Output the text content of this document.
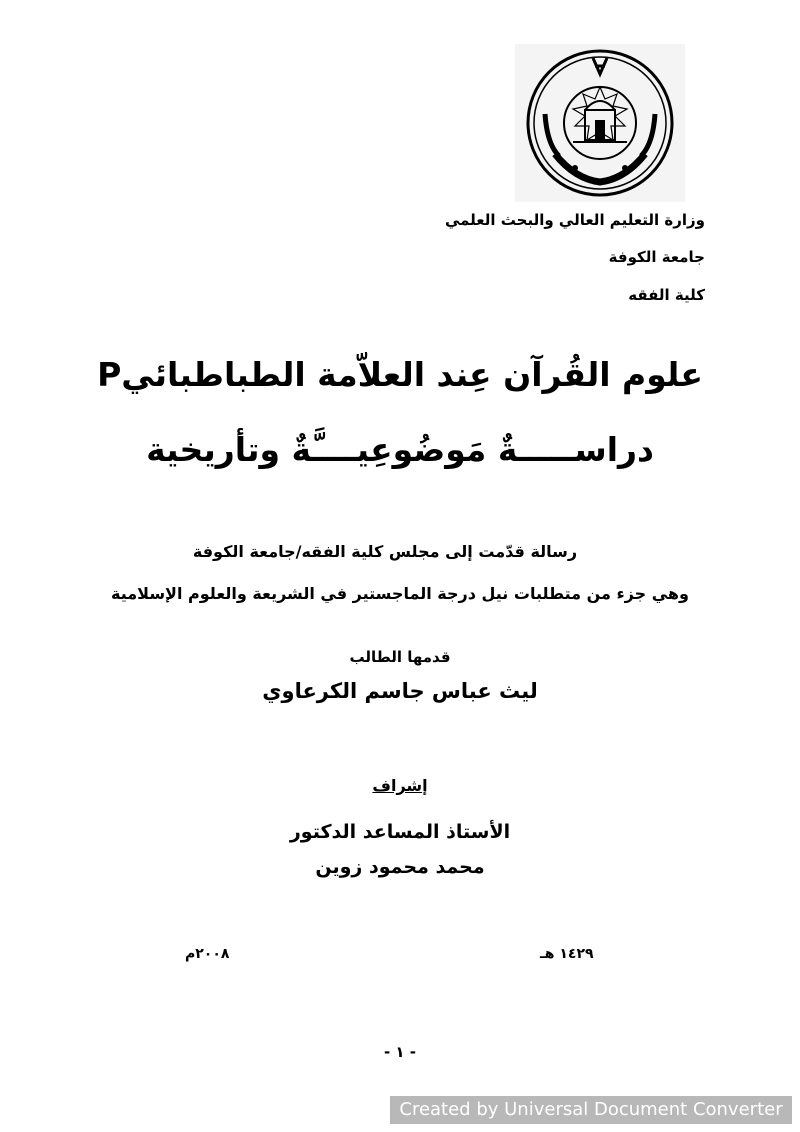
وزارة التعليم العالي والبحث العلمي
جامعة الكوفة
كلية الفقه
علوم القُرآن عِند العلاّمة الطباطبائيP
دراســـــةٌ مَوضُوعِيــــَّةٌ وتأريخية
رسالة قدّمت إلى مجلس كلية الفقه/جامعة الكوفة
وهي جزء من متطلبات نيل درجة الماجستير في الشريعة والعلوم الإسلامية
قدمها الطالب
ليث عباس جاسم الكرعاوي
إشراف
الأستاذ المساعد الدكتور
محمد محمود زوين
١٤٢٩ هـ
٢٠٠٨م
- ١ -
Created by Universal Document Converter
